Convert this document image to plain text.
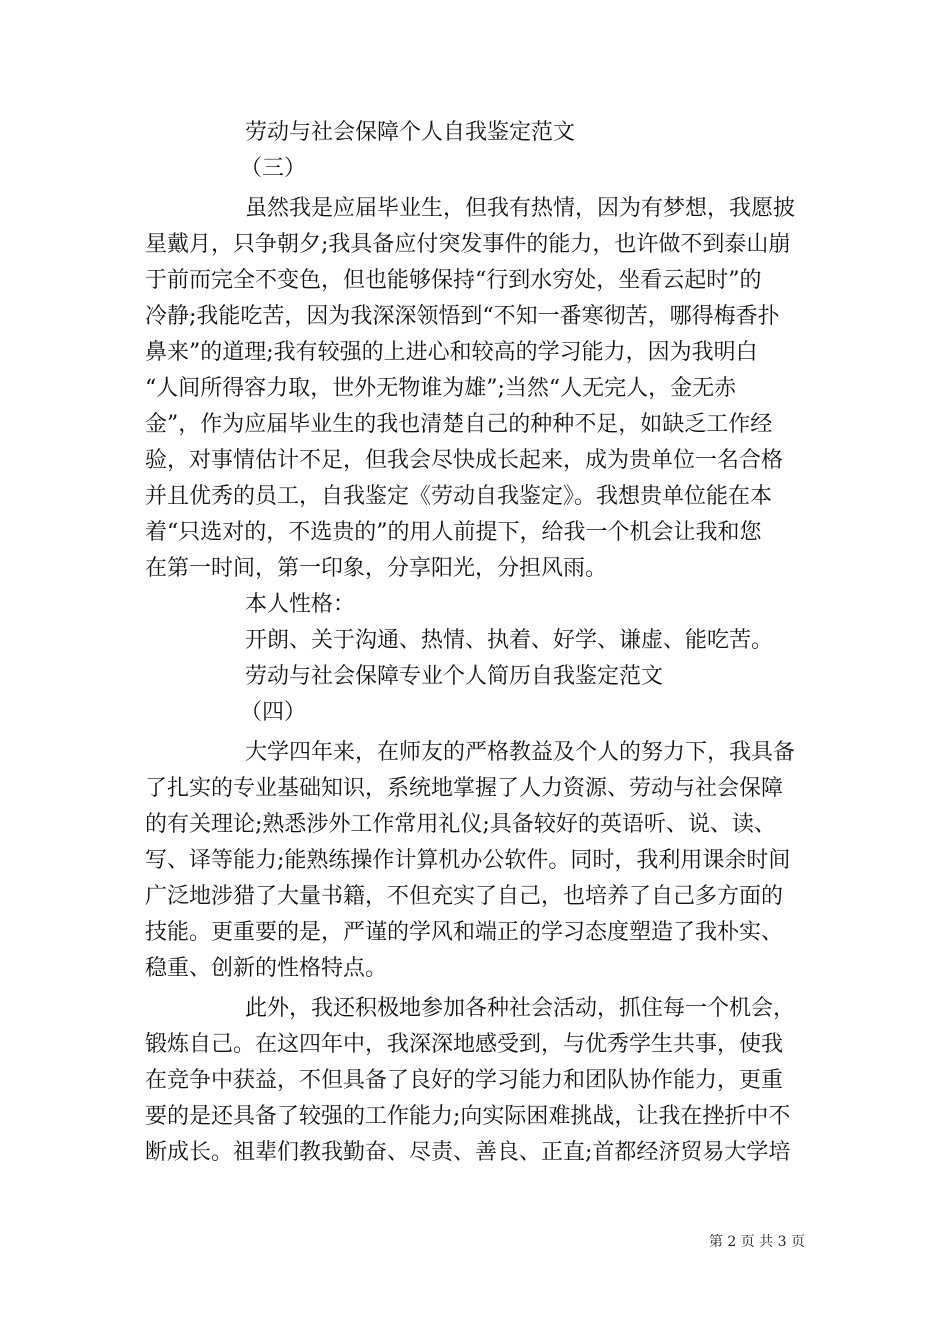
劳动与社会保障个人自我鉴定范文
（三）
虽然我是应届毕业生，但我有热情，因为有梦想，我愿披
星戴月，只争朝夕;我具备应付突发事件的能力，也许做不到泰山崩
于前而完全不变色，但也能够保持“行到水穷处，坐看云起时”的
冷静;我能吃苦，因为我深深领悟到“不知一番寒彻苦，哪得梅香扑
鼻来”的道理;我有较强的上进心和较高的学习能力，因为我明白
“人间所得容力取，世外无物谁为雄”;当然“人无完人，金无赤
金”，作为应届毕业生的我也清楚自己的种种不足，如缺乏工作经
验，对事情估计不足，但我会尽快成长起来，成为贵单位一名合格
并且优秀的员工，自我鉴定《劳动自我鉴定》。我想贵单位能在本
着“只选对的，不选贵的”的用人前提下，给我一个机会让我和您
在第一时间，第一印象，分享阳光，分担风雨。
本人性格：
开朗、关于沟通、热情、执着、好学、谦虚、能吃苦。
劳动与社会保障专业个人简历自我鉴定范文
（四）
大学四年来，在师友的严格教益及个人的努力下，我具备
了扎实的专业基础知识，系统地掌握了人力资源、劳动与社会保障
的有关理论;熟悉涉外工作常用礼仪;具备较好的英语听、说、读、
写、译等能力;能熟练操作计算机办公软件。同时，我利用课余时间
广泛地涉猎了大量书籍，不但充实了自己，也培养了自己多方面的
技能。更重要的是，严谨的学风和端正的学习态度塑造了我朴实、
稳重、创新的性格特点。
此外，我还积极地参加各种社会活动，抓住每一个机会，
锻炼自己。在这四年中，我深深地感受到，与优秀学生共事，使我
在竞争中获益，不但具备了良好的学习能力和团队协作能力，更重
要的是还具备了较强的工作能力;向实际困难挑战，让我在挫折中不
断成长。祖辈们教我勤奋、尽责、善良、正直;首都经济贸易大学培
第 2 页 共 3 页
